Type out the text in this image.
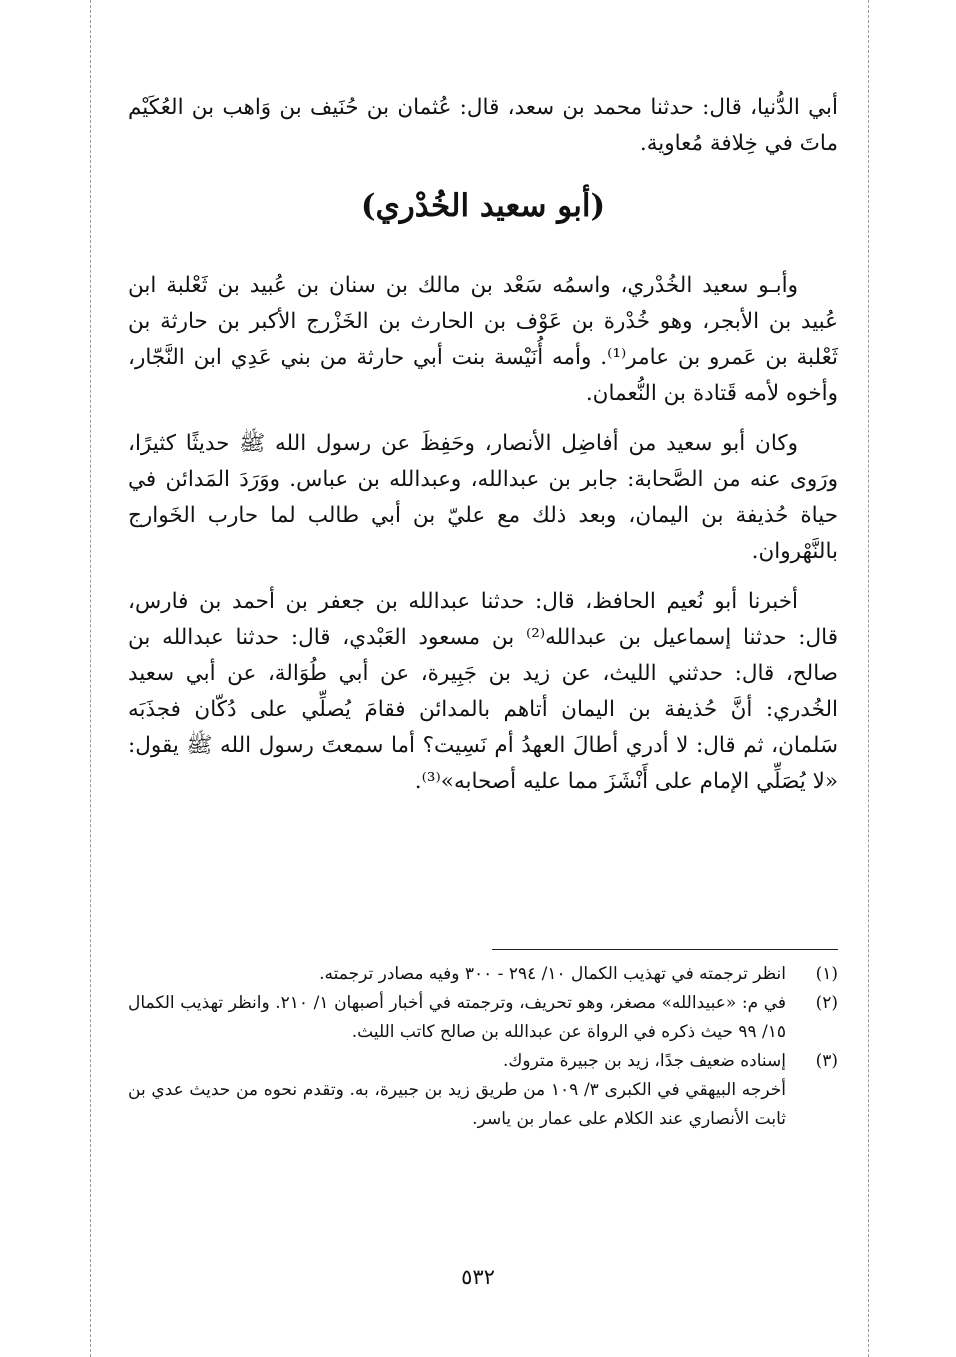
أبي الدُّنيا، قال: حدثنا محمد بن سعد، قال: عُثمان بن حُنَيف بن وَاهب بن العُكَيْم ماتَ في خِلافة مُعاوية.

(أبو سعيد الخُدْري)

وأبـو سعيد الخُدْري، واسمُه سَعْد بن مالك بن سنان بن عُبيد بن ثَعْلبة ابن عُبيد بن الأبجر، وهو خُدْرة بن عَوْف بن الحارث بن الخَزْرج الأكبر بن حارثة بن ثَعْلبة بن عَمرو بن عامر⁽¹⁾. وأمه أُنَيْسة بنت أبي حارثة من بني عَدِي ابن النَّجّار، وأخوه لأمه قَتادة بن النُّعمان.

وكان أبو سعيد من أفاضِل الأنصار، وحَفِظَ عن رسول الله ﷺ حديثًا كثيرًا، ورَوى عنه من الصَّحابة: جابر بن عبدالله، وعبدالله بن عباس. ووَرَدَ المَدائن في حياة حُذيفة بن اليمان، وبعد ذلك مع عليّ بن أبي طالب لما حارب الخَوارج بالنَّهْروان.

أخبرنا أبو نُعيم الحافظ، قال: حدثنا عبدالله بن جعفر بن أحمد بن فارس، قال: حدثنا إسماعيل بن عبدالله⁽²⁾ بن مسعود العَبْدي، قال: حدثنا عبدالله بن صالح، قال: حدثني الليث، عن زيد بن جَبِيرة، عن أبي طُوَالة، عن أبي سعيد الخُدري: أنَّ حُذيفة بن اليمان أتاهم بالمدائن فقامَ يُصلِّي على دُكّان فجذَبَه سَلمان، ثم قال: لا أدري أطالَ العهدُ أم نَسِيت؟ أما سمعتَ رسول الله ﷺ يقول: «لا يُصَلِّي الإمام على أَنْشَزَ مما عليه أصحابه»⁽³⁾.

(١)
انظر ترجمته في تهذيب الكمال ١٠/ ٢٩٤ - ٣٠٠ وفيه مصادر ترجمته.
(٢)
في م: «عبيدالله» مصغر، وهو تحريف، وترجمته في أخبار أصبهان ١/ ٢١٠. وانظر تهذيب الكمال ١٥/ ٩٩ حيث ذكره في الرواة عن عبدالله بن صالح كاتب الليث.
(٣)
إسناده ضعيف جدًا، زيد بن جبيرة متروك.
أخرجه البيهقي في الكبرى ٣/ ١٠٩ من طريق زيد بن جبيرة، به. وتقدم نحوه من حديث عدي بن ثابت الأنصاري عند الكلام على عمار بن ياسر.
٥٣٢
